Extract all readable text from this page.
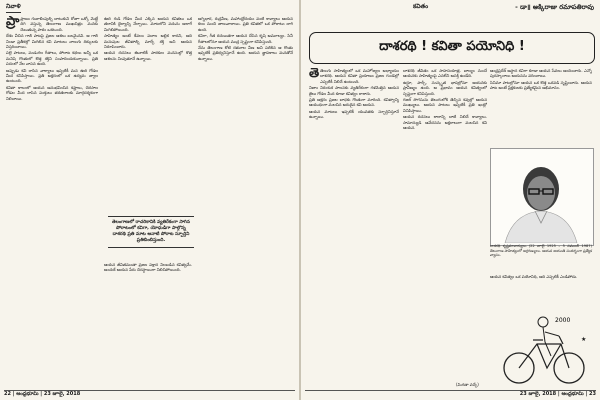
నివాళి

ప్రా ప్రాణం గుబాళింపుల్ని దాటుకుని రోజూ ఒక్కో మెట్టే దిగి వస్తున్న తెలంగాణ ముఖచిత్రం మనకు చెబుతున్న పాఠం ఒకటుంది.

దేశం వీచిన గాలి పాటపై ప్రజల ఆశలు బలమైనవి. ఆ గాలి నిండా ప్రతీకల్లో మిగిలిన కవి మాటలు నాలుగు దిక్కులకు విస్తరించాయి.

పల్లె పాటలు, పండుగల గీతాలు, పోరాట కథలు అన్నీ ఒక మనిషి గొంతులో కొత్త శక్తిని సంపాదించుకున్నాయి. ప్రతి పదంలో నేల వాసన ఉంది.

అప్పుడు కవి రాసిన వాక్యాలు ఇప్పటికీ మన ఊరి గోడల మీద కనిపిస్తాయి. ప్రతి అక్షరంలో ఒక ఉద్యమ జ్వాల ఉంటుంది.

కవితా కాలంలో ఆయన అనుభవించిన కష్టాలు, చెరసాల గోడల మీద రాసిన పంక్తులు తరతరాలకు మార్గదర్శకంగా నిలిచాయి.

ఊరి గుడి గోడల మీద ఎక్కిన ఆయన కవితలు ఒక తరానికి ధైర్యాన్ని నేర్పాయి. మాటలోని పదును అలాగే మిగిలిపోయింది.

సాహిత్యం అంటే కేవలం పదాల అల్లిక కాదని, అది మనుషుల జీవితాల్ని మార్చే శక్తి అని ఆయన నిరూపించారు.

ఆయన రచనలు ఈనాటికీ పాఠకుల మనసుల్లో కొత్త ఆశలను నింపుతూనే ఉన్నాయి.

తెలంగాణలో రాచరికానికి వ్యతిరేకంగా సాగిన పోరాటంలో కవిగా, యోధుడిగా పాల్గొన్న దాశరథి ప్రతి మాట ఆనాటి పోరాట స్ఫూర్తిని ప్రతిబింబిస్తుంది.

ఆయన జీవితమంతా ప్రజల పక్షాన నిలబడిన కవిత్వమే. అందుకే ఆయన పేరు చిరస్థాయిగా నిలిచిపోయింది.

అగ్నిధార, రుద్రవీణ, మహాంధ్రోదయం వంటి కావ్యాలు ఆయన కలం నుంచి జాలువారాయి. ప్రతి కవితలో ఒక పోరాటం దాగి ఉంది.

కవిగా, గీత రచయితగా ఆయన చేసిన కృషి అమూల్యం. సినీ గీతాలలోనూ ఆయన ముద్ర స్పష్టంగా కనిపిస్తుంది.

నేను తెలంగాణ కోటి రతనాల వీణ అని పలికిన ఆ గొంతు ఇప్పటికీ ప్రతిధ్వనిస్తూనే ఉంది. ఆయన జ్ఞాపకాలు మనతోనే ఉన్నాయి.

22 | ఆంధ్రభూమి | 23 జూలై, 2018
కవితం	- డా॥ అక్కిరాజు రమాపతిరావు
దాశరథి ! కవితా పయోనిధి !

తెతెలుగు సాహిత్యంలో ఒక మహోజ్వల అధ్యాయం దాశరథి. ఆయన కవితా ప్రయాణం ప్రజల గుండెల్లో ఎప్పటికీ నిలిచే ఉంటుంది.

నిజాం నిరంకుశ పాలనకు వ్యతిరేకంగా గళమెత్తిన ఆయన జైలు గోడల మీద కూడా కవిత్వం రాశారు.

ప్రతి అక్షరం ప్రజల బాధకు గొంతుగా మారింది. కవిత్వాన్ని ఆయుధంగా మలచిన అరుదైన కవి ఆయన.

ఆయన మాటలు ఇప్పటికీ యువతకు స్ఫూర్తినిస్తూనే ఉన్నాయి.

దాశరథి జీవితం ఒక సాహసయాత్ర. బాల్యం నుంచే ఆయనకు సాహిత్యంపై ఎనలేని ఆసక్తి ఉండేది.

ఉర్దూ, పార్సీ, సంస్కృత భాషల్లోనూ ఆయనకు ప్రావీణ్యం ఉంది. ఆ ప్రభావం ఆయన కవిత్వంలో స్పష్టంగా కనిపిస్తుంది.

గజల్ సొగసును తెలుగులోకి తెచ్చిన కవుల్లో ఆయన ముఖ్యులు. ఆయన పాటలు ఇప్పటికీ ప్రతి ఇంట్లో వినిపిస్తాయి.

ఆయన రచనలు కాలాన్ని దాటి నిలిచే కావ్యాలు. సామాన్యుడి ఆవేదనను అక్షరాలుగా మలచిన కవి ఆయన.

ఆంధ్రప్రదేశ్ ఆస్థాన కవిగా కూడా ఆయన సేవలు అందించారు. ఎన్నో పురస్కారాలు ఆయనను వరించాయి.

సినిమా పాటల్లోనూ ఆయన ఒక కొత్త ఒరవడి సృష్టించారు. ఆయన పాట అంటే ప్రేక్షకులకు ప్రత్యేకమైన అభిమానం.

దాశరథి కృష్ణమాచార్యులు (22 జూలై 1925 – 5 నవంబర్ 1987) తెలంగాణ సాహిత్యంలో అగ్రగణ్యులు. ఆయన జయంతి సందర్భంగా ప్రత్యేక వ్యాసం.

ఆయన కవిత్వం ఒక పయోనిధి, అది ఎప్పటికీ ఎండిపోదు.

2000
★
(మిగతా వచ్చే)
23 జూలై, 2018 | ఆంధ్రభూమి | 23
